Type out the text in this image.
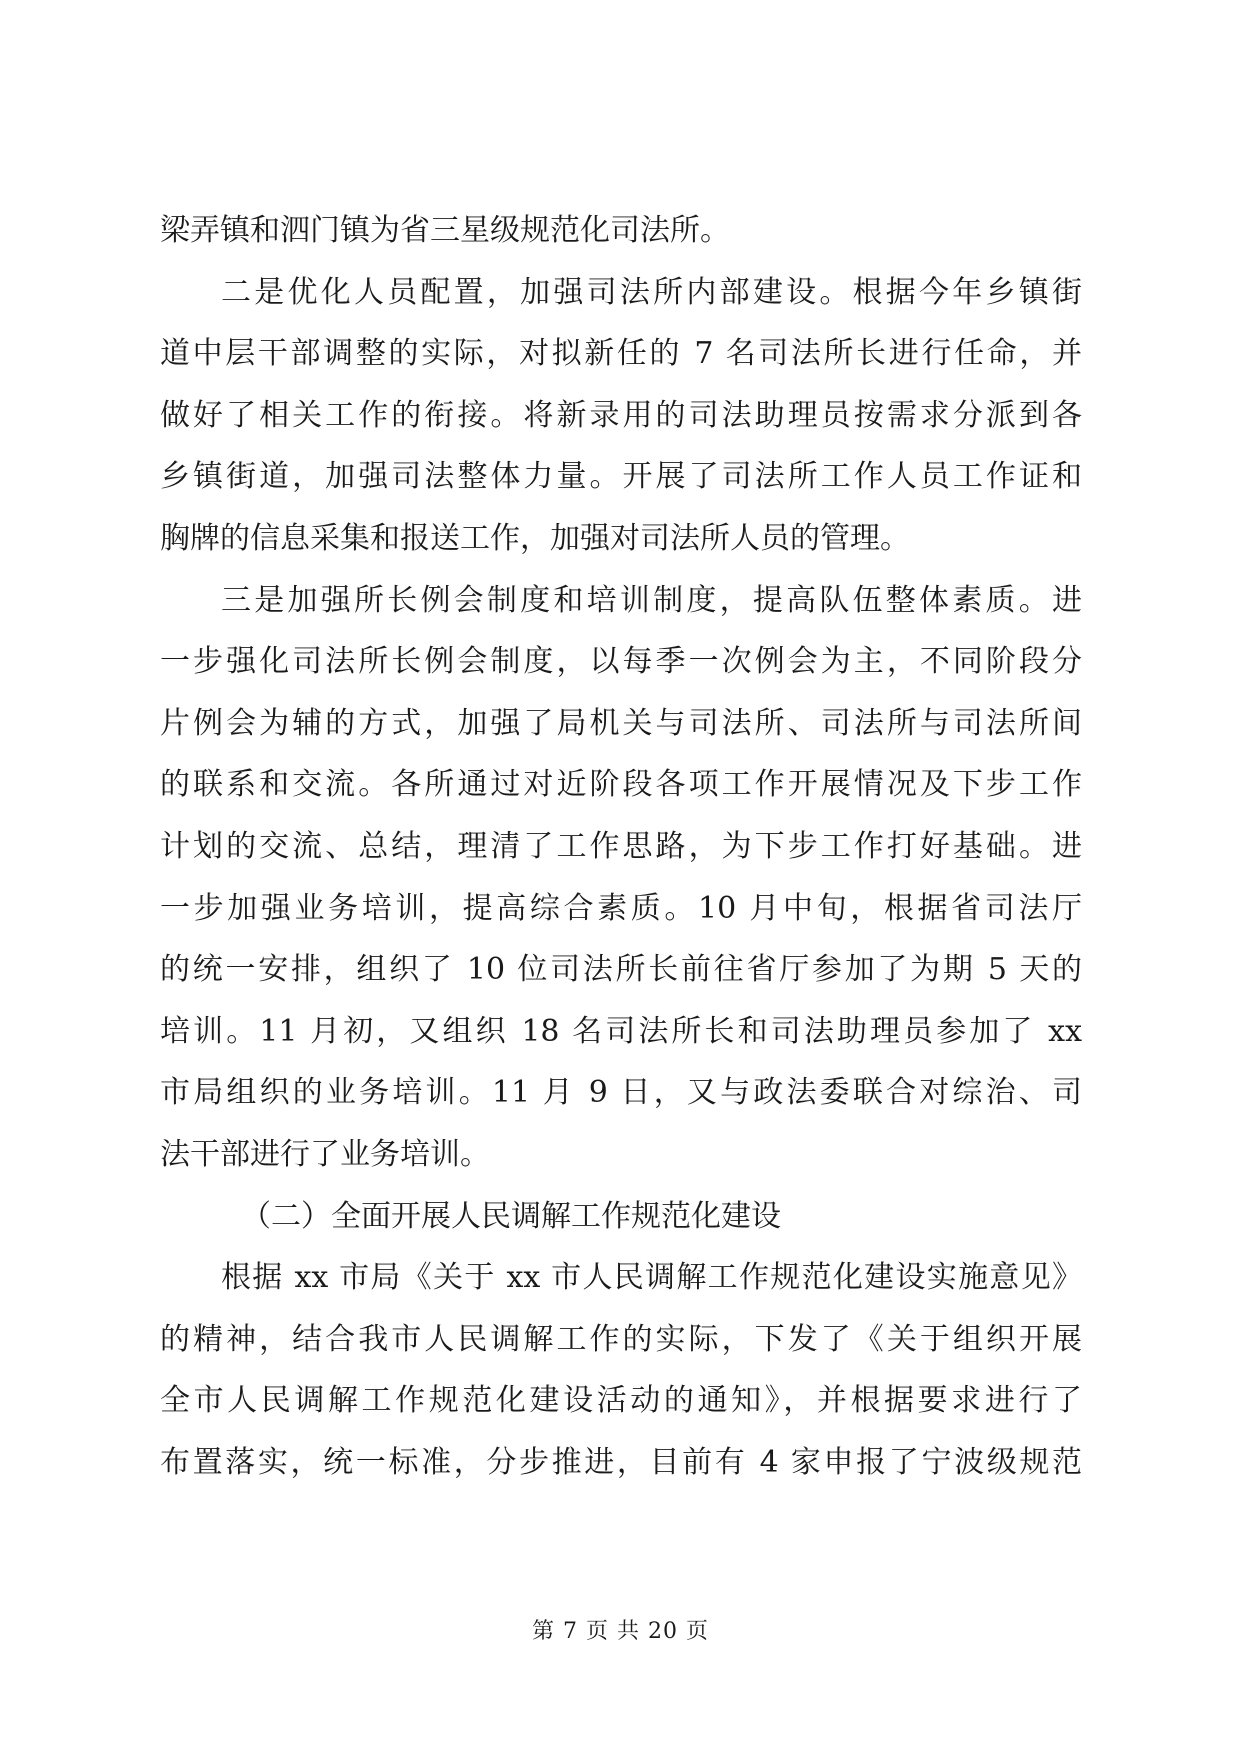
梁弄镇和泗门镇为省三星级规范化司法所。
二是优化人员配置，加强司法所内部建设。根据今年乡镇街
道中层干部调整的实际，对拟新任的 7 名司法所长进行任命，并
做好了相关工作的衔接。将新录用的司法助理员按需求分派到各
乡镇街道，加强司法整体力量。开展了司法所工作人员工作证和
胸牌的信息采集和报送工作，加强对司法所人员的管理。
三是加强所长例会制度和培训制度，提高队伍整体素质。进
一步强化司法所长例会制度，以每季一次例会为主，不同阶段分
片例会为辅的方式，加强了局机关与司法所、司法所与司法所间
的联系和交流。各所通过对近阶段各项工作开展情况及下步工作
计划的交流、总结，理清了工作思路，为下步工作打好基础。进
一步加强业务培训，提高综合素质。10 月中旬，根据省司法厅
的统一安排，组织了 10 位司法所长前往省厅参加了为期 5 天的
培训。11 月初，又组织 18 名司法所长和司法助理员参加了 xx
市局组织的业务培训。11 月 9 日，又与政法委联合对综治、司
法干部进行了业务培训。
（二）全面开展人民调解工作规范化建设
根据 xx 市局《关于 xx 市人民调解工作规范化建设实施意见》
的精神，结合我市人民调解工作的实际，下发了《关于组织开展
全市人民调解工作规范化建设活动的通知》，并根据要求进行了
布置落实，统一标准，分步推进，目前有 4 家申报了宁波级规范
第 7 页 共 20 页
